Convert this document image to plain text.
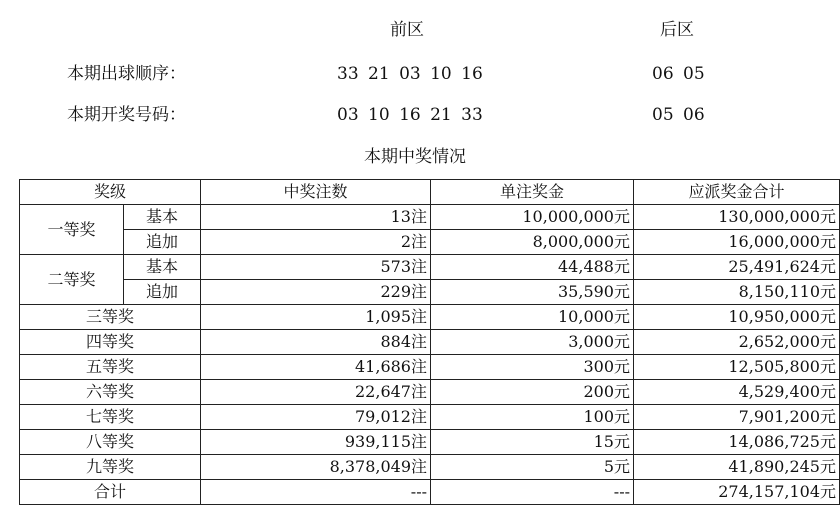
前区	后区
本期出球顺序：	33 21 03 10 16	06 05
本期开奖号码：	03 10 16 21 33	05 06
本期中奖情况
奖级		中奖注数	单注奖金	应派奖金合计
一等奖	基本	13注	10,000,000元	130,000,000元
	追加	2注	8,000,000元	16,000,000元
二等奖	基本	573注	44,488元	25,491,624元
	追加	229注	35,590元	8,150,110元
三等奖		1,095注	10,000元	10,950,000元
四等奖		884注	3,000元	2,652,000元
五等奖		41,686注	300元	12,505,800元
六等奖		22,647注	200元	4,529,400元
七等奖		79,012注	100元	7,901,200元
八等奖		939,115注	15元	14,086,725元
九等奖		8,378,049注	5元	41,890,245元
合计		---	---	274,157,104元
